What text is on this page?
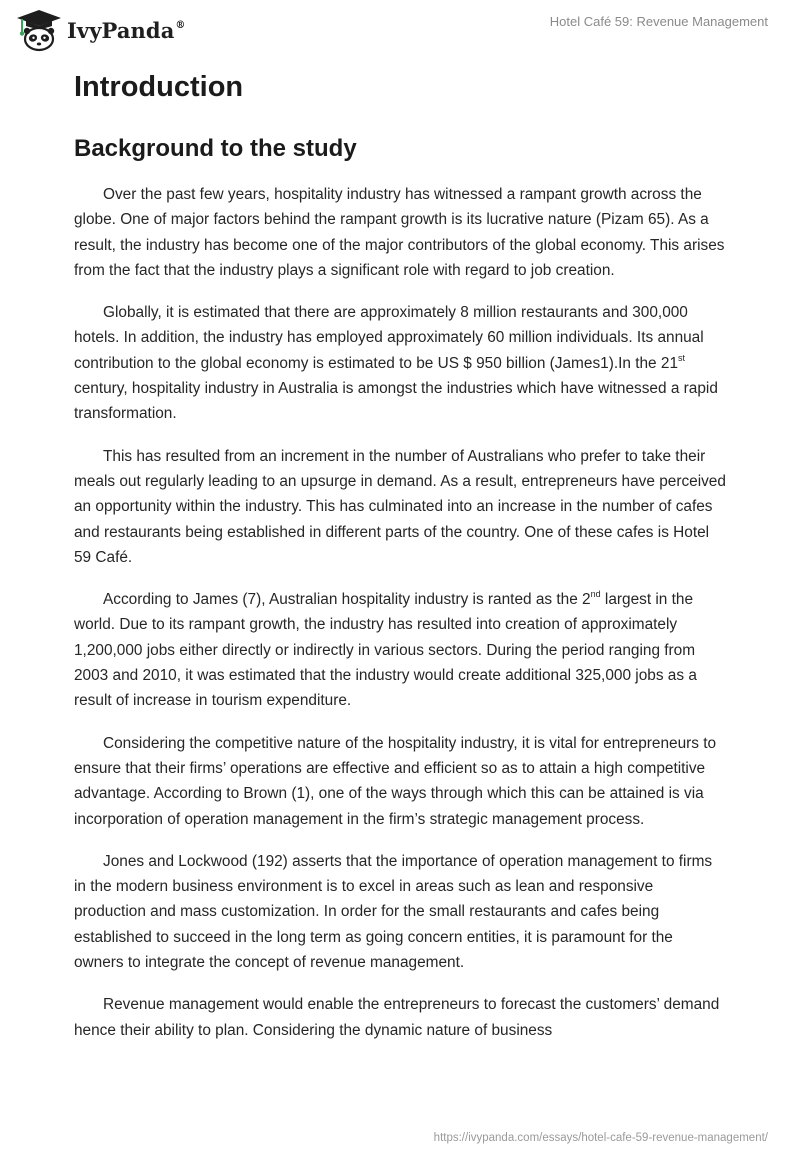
IvyPanda®	Hotel Café 59: Revenue Management
Introduction
Background to the study

Over the past few years, hospitality industry has witnessed a rampant growth across the globe. One of major factors behind the rampant growth is its lucrative nature (Pizam 65). As a result, the industry has become one of the major contributors of the global economy. This arises from the fact that the industry plays a significant role with regard to job creation.

Globally, it is estimated that there are approximately 8 million restaurants and 300,000 hotels. In addition, the industry has employed approximately 60 million individuals. Its annual contribution to the global economy is estimated to be US $ 950 billion (James1).In the 21st century, hospitality industry in Australia is amongst the industries which have witnessed a rapid transformation.

This has resulted from an increment in the number of Australians who prefer to take their meals out regularly leading to an upsurge in demand. As a result, entrepreneurs have perceived an opportunity within the industry. This has culminated into an increase in the number of cafes and restaurants being established in different parts of the country. One of these cafes is Hotel 59 Café.

According to James (7), Australian hospitality industry is ranted as the 2nd largest in the world. Due to its rampant growth, the industry has resulted into creation of approximately 1,200,000 jobs either directly or indirectly in various sectors. During the period ranging from 2003 and 2010, it was estimated that the industry would create additional 325,000 jobs as a result of increase in tourism expenditure.

Considering the competitive nature of the hospitality industry, it is vital for entrepreneurs to ensure that their firms’ operations are effective and efficient so as to attain a high competitive advantage. According to Brown (1), one of the ways through which this can be attained is via incorporation of operation management in the firm’s strategic management process.

Jones and Lockwood (192) asserts that the importance of operation management to firms in the modern business environment is to excel in areas such as lean and responsive production and mass customization. In order for the small restaurants and cafes being established to succeed in the long term as going concern entities, it is paramount for the owners to integrate the concept of revenue management.

Revenue management would enable the entrepreneurs to forecast the customers’ demand hence their ability to plan. Considering the dynamic nature of business

https://ivypanda.com/essays/hotel-cafe-59-revenue-management/
